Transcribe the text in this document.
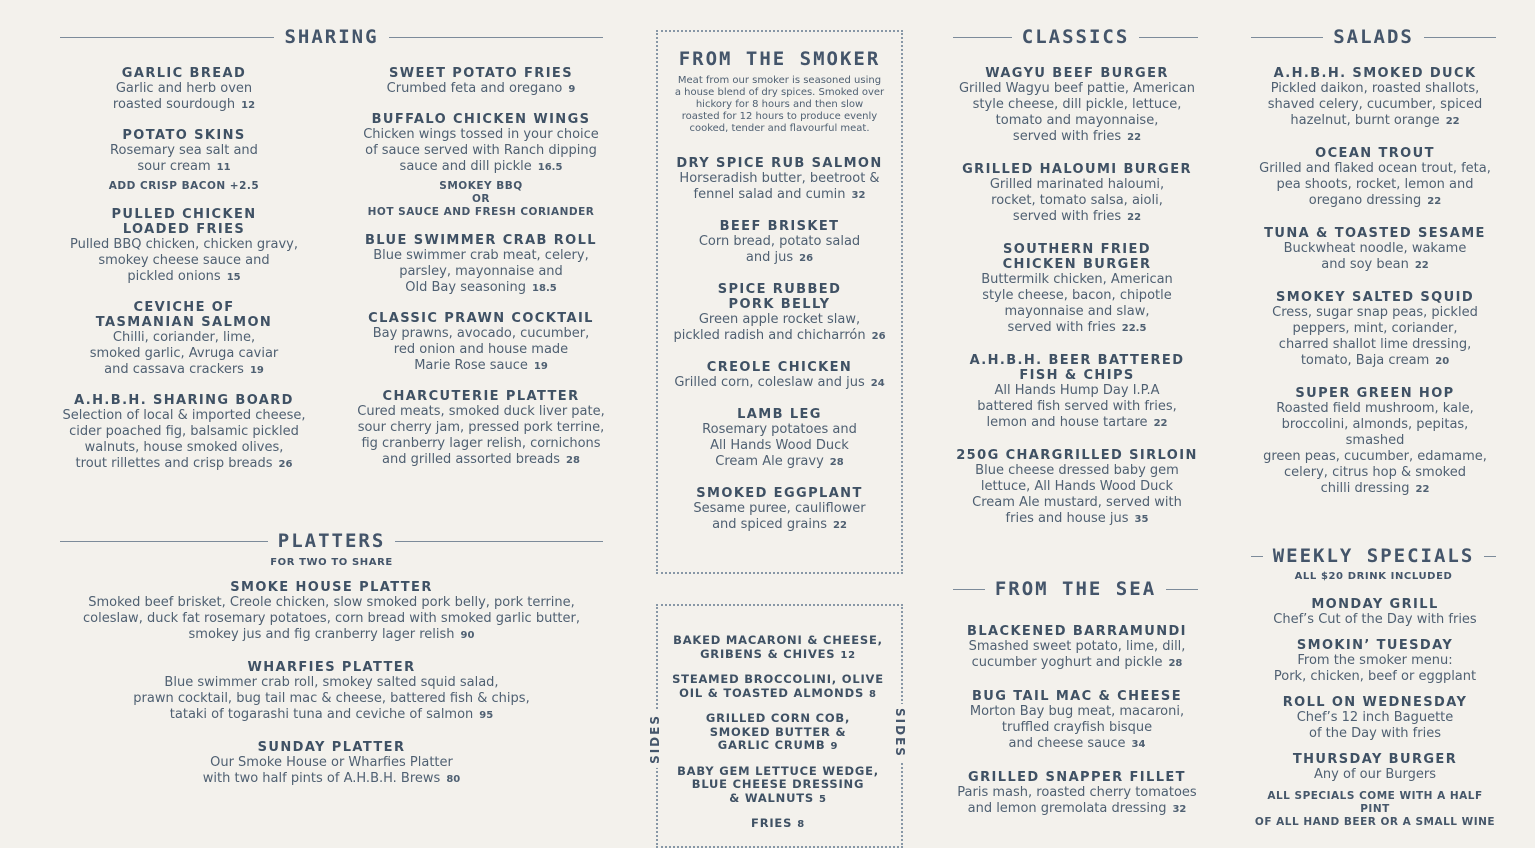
SHARING
GARLIC BREAD
Garlic and herb oven
roasted sourdough 12
POTATO SKINS
Rosemary sea salt and
sour cream 11
ADD CRISP BACON +2.5
PULLED CHICKEN
LOADED FRIES
Pulled BBQ chicken, chicken gravy,
smokey cheese sauce and
pickled onions 15
CEVICHE OF
TASMANIAN SALMON
Chilli, coriander, lime,
smoked garlic, Avruga caviar
and cassava crackers 19
A.H.B.H. SHARING BOARD
Selection of local & imported cheese,
cider poached fig, balsamic pickled
walnuts, house smoked olives,
trout rillettes and crisp breads 26
SWEET POTATO FRIES
Crumbed feta and oregano 9
BUFFALO CHICKEN WINGS
Chicken wings tossed in your choice
of sauce served with Ranch dipping
sauce and dill pickle 16.5
SMOKEY BBQ
OR
HOT SAUCE AND FRESH CORIANDER
BLUE SWIMMER CRAB ROLL
Blue swimmer crab meat, celery,
parsley, mayonnaise and
Old Bay seasoning 18.5
CLASSIC PRAWN COCKTAIL
Bay prawns, avocado, cucumber,
red onion and house made
Marie Rose sauce 19
CHARCUTERIE PLATTER
Cured meats, smoked duck liver pate,
sour cherry jam, pressed pork terrine,
fig cranberry lager relish, cornichons
and grilled assorted breads 28
PLATTERS
FOR TWO TO SHARE
SMOKE HOUSE PLATTER
Smoked beef brisket, Creole chicken, slow smoked pork belly, pork terrine,
coleslaw, duck fat rosemary potatoes, corn bread with smoked garlic butter,
smokey jus and fig cranberry lager relish 90
WHARFIES PLATTER
Blue swimmer crab roll, smokey salted squid salad,
prawn cocktail, bug tail mac & cheese, battered fish & chips,
tataki of togarashi tuna and ceviche of salmon 95
SUNDAY PLATTER
Our Smoke House or Wharfies Platter
with two half pints of A.H.B.H. Brews 80
FROM THE SMOKER
Meat from our smoker is seasoned using
a house blend of dry spices. Smoked over
hickory for 8 hours and then slow
roasted for 12 hours to produce evenly
cooked, tender and flavourful meat.
DRY SPICE RUB SALMON
Horseradish butter, beetroot &
fennel salad and cumin 32
BEEF BRISKET
Corn bread, potato salad
and jus 26
SPICE RUBBED
PORK BELLY
Green apple rocket slaw,
pickled radish and chicharrón 26
CREOLE CHICKEN
Grilled corn, coleslaw and jus 24
LAMB LEG
Rosemary potatoes and
All Hands Wood Duck
Cream Ale gravy 28
SMOKED EGGPLANT
Sesame puree, cauliflower
and spiced grains 22
SIDES	SIDES
BAKED MACARONI & CHEESE,
GRIBENS & CHIVES 12
STEAMED BROCCOLINI, OLIVE
OIL & TOASTED ALMONDS 8
GRILLED CORN COB,
SMOKED BUTTER &
GARLIC CRUMB 9
BABY GEM LETTUCE WEDGE,
BLUE CHEESE DRESSING
& WALNUTS 5
FRIES 8
CLASSICS
WAGYU BEEF BURGER
Grilled Wagyu beef pattie, American
style cheese, dill pickle, lettuce,
tomato and mayonnaise,
served with fries 22
GRILLED HALOUMI BURGER
Grilled marinated haloumi,
rocket, tomato salsa, aioli,
served with fries 22
SOUTHERN FRIED
CHICKEN BURGER
Buttermilk chicken, American
style cheese, bacon, chipotle
mayonnaise and slaw,
served with fries 22.5
A.H.B.H. BEER BATTERED
FISH & CHIPS
All Hands Hump Day I.P.A
battered fish served with fries,
lemon and house tartare 22
250G CHARGRILLED SIRLOIN
Blue cheese dressed baby gem
lettuce, All Hands Wood Duck
Cream Ale mustard, served with
fries and house jus 35
FROM THE SEA
BLACKENED BARRAMUNDI
Smashed sweet potato, lime, dill,
cucumber yoghurt and pickle 28
BUG TAIL MAC & CHEESE
Morton Bay bug meat, macaroni,
truffled crayfish bisque
and cheese sauce 34
GRILLED SNAPPER FILLET
Paris mash, roasted cherry tomatoes
and lemon gremolata dressing 32
SALADS
A.H.B.H. SMOKED DUCK
Pickled daikon, roasted shallots,
shaved celery, cucumber, spiced
hazelnut, burnt orange 22
OCEAN TROUT
Grilled and flaked ocean trout, feta,
pea shoots, rocket, lemon and
oregano dressing 22
TUNA & TOASTED SESAME
Buckwheat noodle, wakame
and soy bean 22
SMOKEY SALTED SQUID
Cress, sugar snap peas, pickled
peppers, mint, coriander,
charred shallot lime dressing,
tomato, Baja cream 20
SUPER GREEN HOP
Roasted field mushroom, kale,
broccolini, almonds, pepitas, smashed
green peas, cucumber, edamame,
celery, citrus hop & smoked
chilli dressing 22
WEEKLY SPECIALS
ALL $20 DRINK INCLUDED
MONDAY GRILL
Chef’s Cut of the Day with fries
SMOKIN’ TUESDAY
From the smoker menu:
Pork, chicken, beef or eggplant
ROLL ON WEDNESDAY
Chef’s 12 inch Baguette
of the Day with fries
THURSDAY BURGER
Any of our Burgers
ALL SPECIALS COME WITH A HALF PINT
OF ALL HAND BEER OR A SMALL WINE
